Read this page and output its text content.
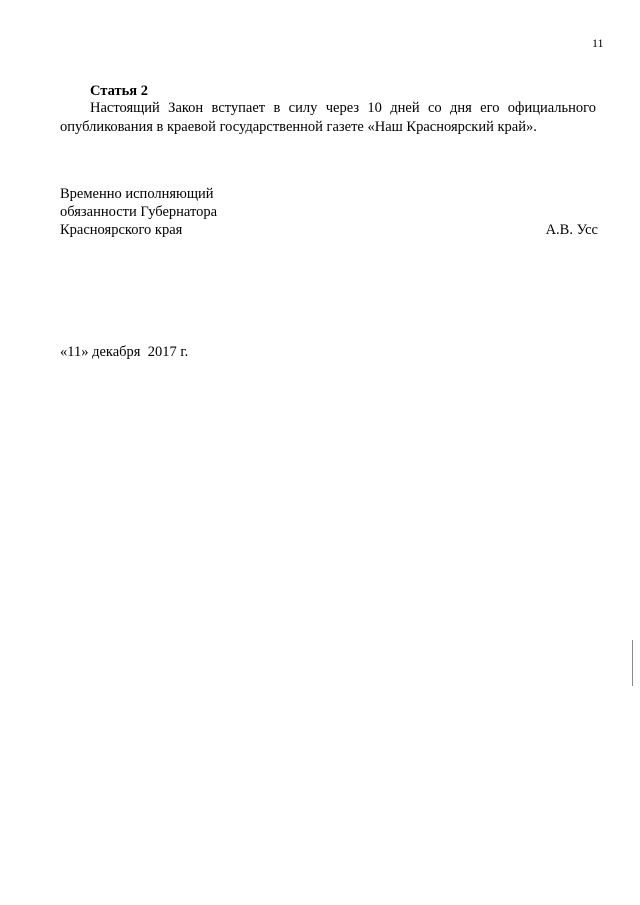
11
Статья 2

Настоящий Закон вступает в силу через 10 дней со дня его официального опубликования в краевой государственной газете «Наш Красноярский край».

Временно исполняющий
обязанности Губернатора
Красноярского края	А.В. Усс
«11» декабря  2017 г.
